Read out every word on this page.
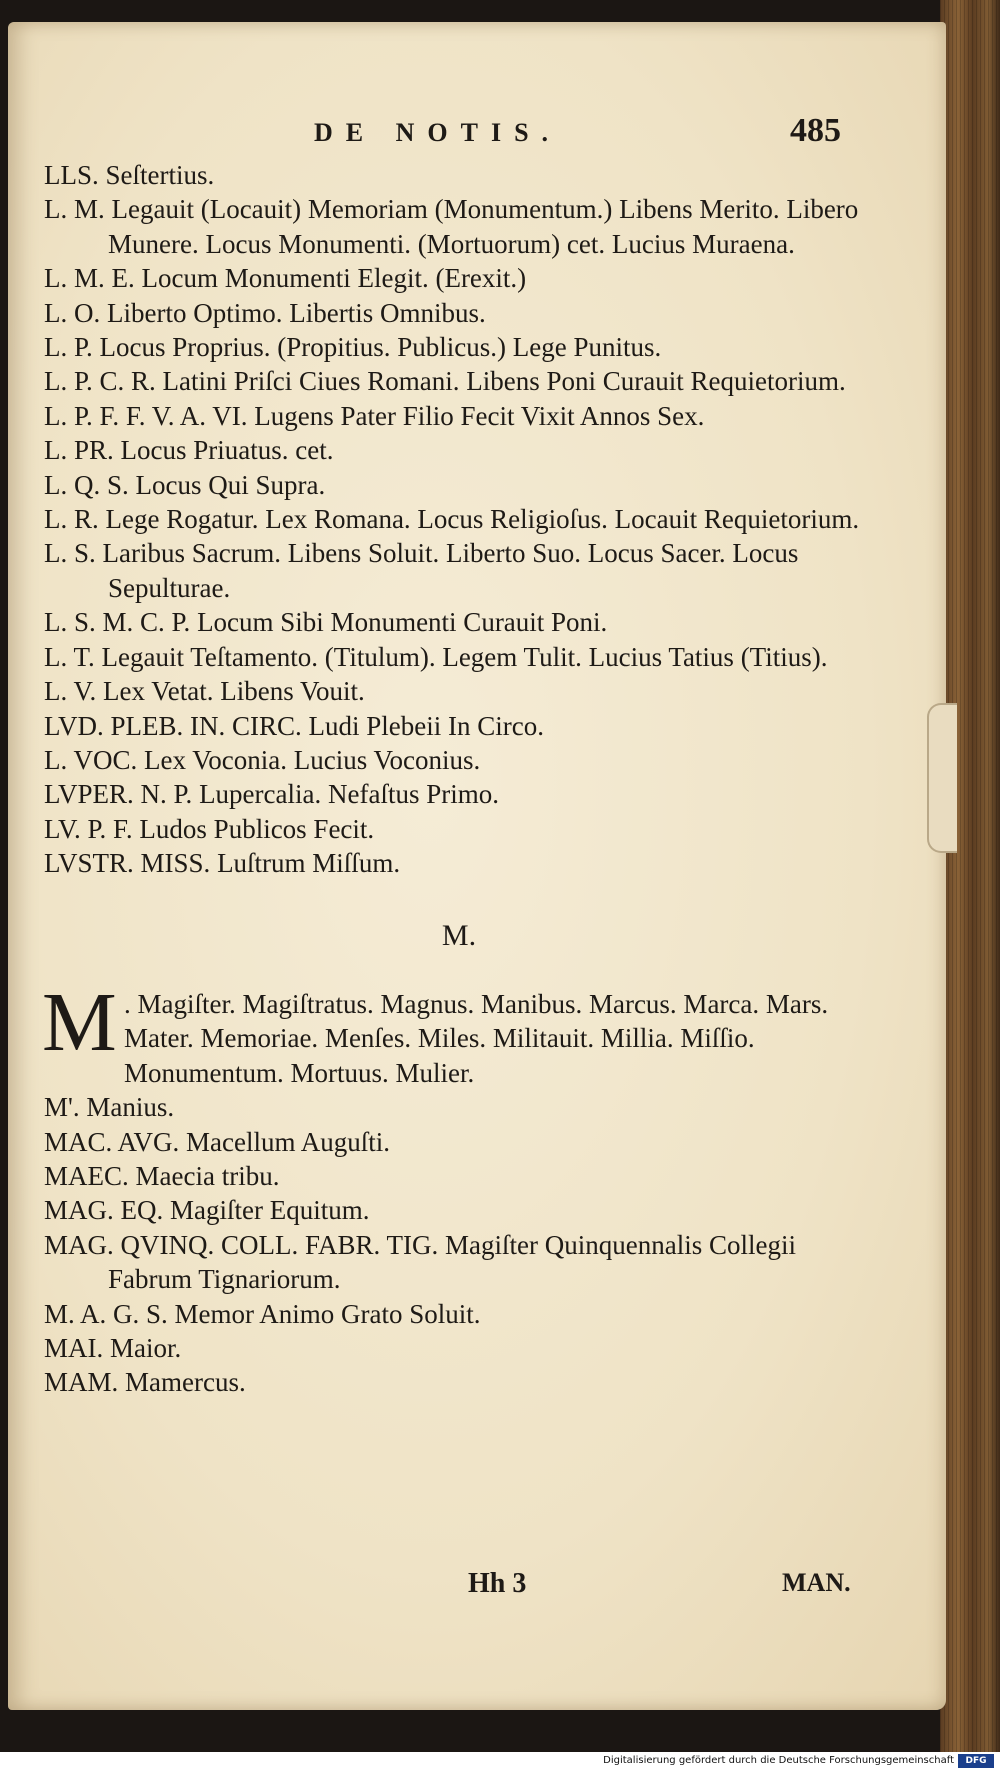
DE NOTIS.	485

LLS. Seſtertius.

L. M. Legauit (Locauit) Memoriam (Monumentum.) Libens Merito. Libero Munere. Locus Monumenti. (Mortuorum) cet. Lucius Muraena.

L. M. E. Locum Monumenti Elegit. (Erexit.)

L. O. Liberto Optimo. Libertis Omnibus.

L. P. Locus Proprius. (Propitius. Publicus.) Lege Punitus.

L. P. C. R. Latini Priſci Ciues Romani. Libens Poni Curauit Requietorium.

L. P. F. F. V. A. VI. Lugens Pater Filio Fecit Vixit Annos Sex.

L. PR. Locus Priuatus. cet.

L. Q. S. Locus Qui Supra.

L. R. Lege Rogatur. Lex Romana. Locus Religioſus. Locauit Requietorium.

L. S. Laribus Sacrum. Libens Soluit. Liberto Suo. Locus Sacer. Locus Sepulturae.

L. S. M. C. P. Locum Sibi Monumenti Curauit Poni.

L. T. Legauit Teſtamento. (Titulum). Legem Tulit. Lucius Tatius (Titius).

L. V. Lex Vetat. Libens Vouit.

LVD. PLEB. IN. CIRC. Ludi Plebeii In Circo.

L. VOC. Lex Voconia. Lucius Voconius.

LVPER. N. P. Lupercalia. Nefaſtus Primo.

LV. P. F. Ludos Publicos Fecit.

LVSTR. MISS. Luſtrum Miſſum.

M.

M . Magiſter. Magiſtratus. Magnus. Manibus. Marcus. Marca. Mars. Mater. Memoriae. Menſes. Miles. Militauit. Millia. Miſſio. Monumentum. Mortuus. Mulier.

M'. Manius.

MAC. AVG. Macellum Auguſti.

MAEC. Maecia tribu.

MAG. EQ. Magiſter Equitum.

MAG. QVINQ. COLL. FABR. TIG. Magiſter Quinquennalis Collegii Fabrum Tignariorum.

M. A. G. S. Memor Animo Grato Soluit.

MAI. Maior.

MAM. Mamercus.

Hh 3	MAN.
Digitalisierung gefördert durch die Deutsche Forschungsgemeinschaft	DFG
